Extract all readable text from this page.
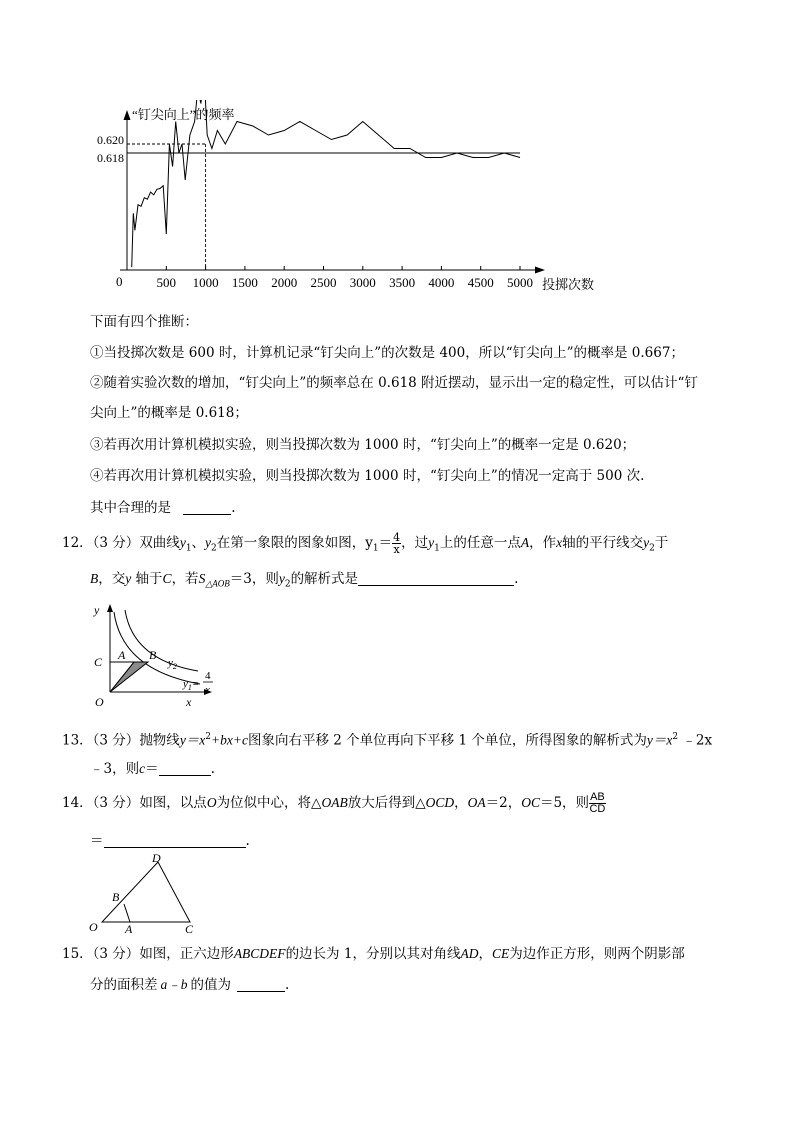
“钉尖向上”的频率
投掷次数
0	500 1000 1500 2000 2500 3000 3500 4000 4500 5000
0.618
0.620
下面有四个推断：
①当投掷次数是 600 时，计算机记录“钉尖向上”的次数是 400，所以“钉尖向上”的概率是 0.667；
②随着实验次数的增加，“钉尖向上”的频率总在 0.618 附近摆动，显示出一定的稳定性，可以估计“钉
尖向上”的概率是 0.618；
③若再次用计算机模拟实验，则当投掷次数为 1000 时，“钉尖向上”的概率一定是 0.620；
④若再次用计算机模拟实验，则当投掷次数为 1000 时，“钉尖向上”的情况一定高于 500 次.
其中合理的是	.
12．（3 分）双曲线$y_1$、$y_2$在第一象限的图象如图，$y_1= \frac{4}{x}$ ，过$y_1$上的任意一点A，作x轴的平行线交$y_2$于
B，交y 轴于C，若$S_{\triangle AOB}=3$，则$y_2$的解析式是	.
y
C A B
O	x
$y_2$
$y_1=$
4
x
13．（3 分）抛物线$y=x^2+bx+c$图象向右平移 2 个单位再向下平移 1 个单位，所得图象的解析式为$y=x^2$ ﹣2x
﹣3，则c＝	.
14．（3 分）如图，以点O为位似中心，将△OAB放大后得到△OCD，OA＝2，OC＝5，则 $\frac{AB}{CD}$
＝	.
D
B
O A	C
15．（3 分）如图，正六边形ABCDEF的边长为 1，分别以其对角线AD，CE为边作正方形，则两个阴影部
分的面积差 a﹣b 的值为	.
